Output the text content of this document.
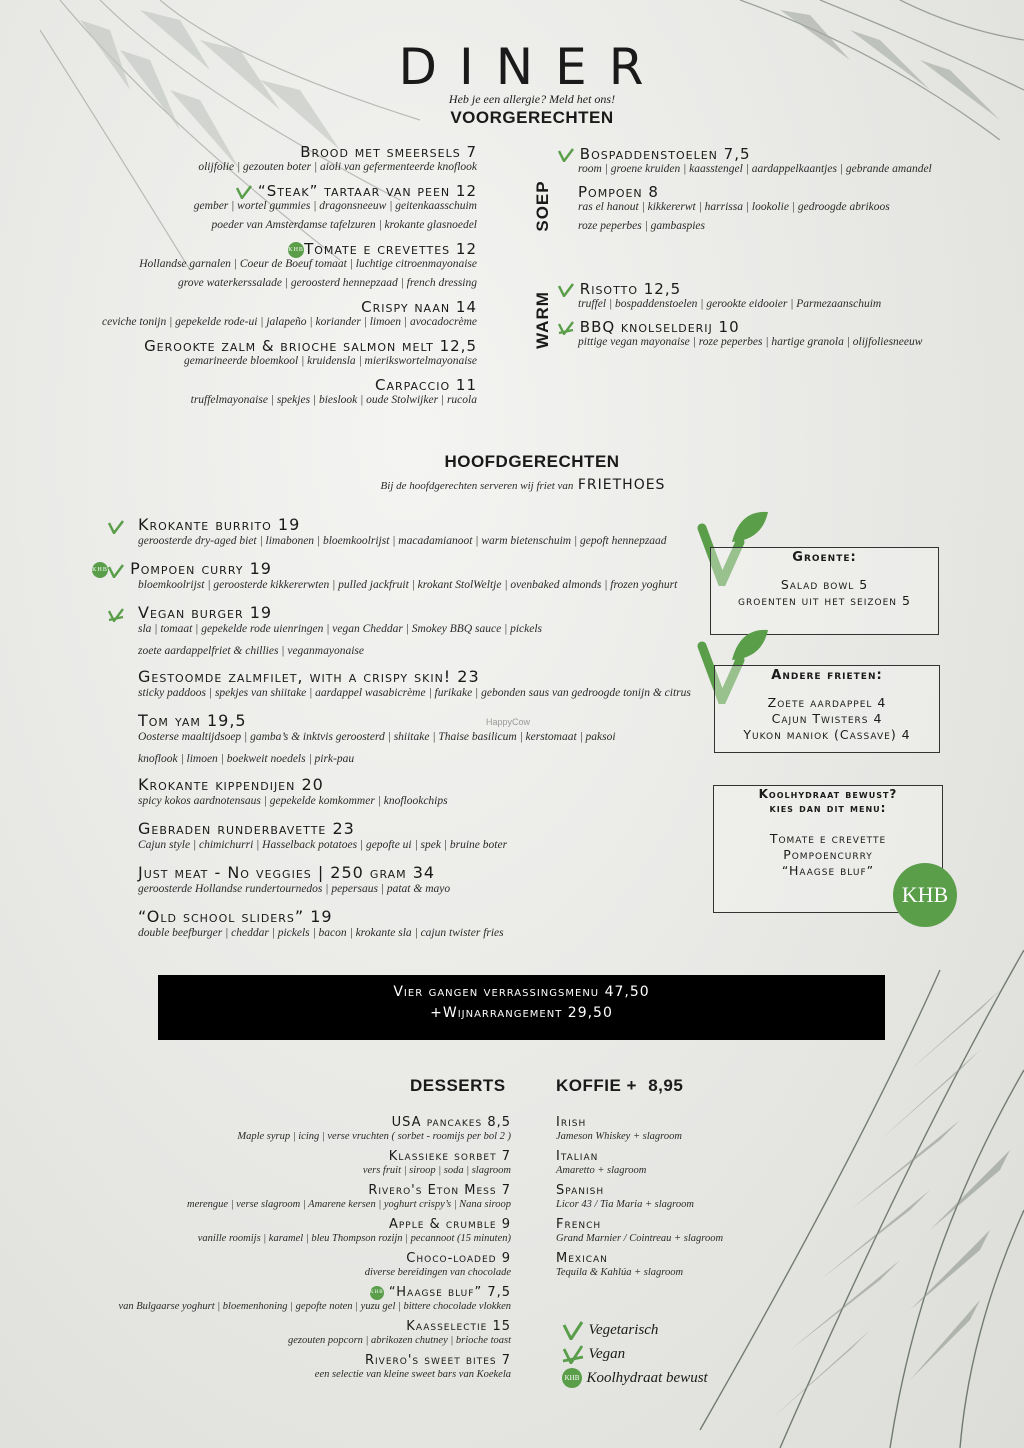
DINER
Heb je een allergie? Meld het ons!
VOORGERECHTEN
Brood met smeersels 7
olijfolie | gezouten boter | aioli van gefermenteerde knoflook
“Steak” tartaar van peen 12
gember | wortel gummies | dragonsneeuw | geitenkaasschuim
poeder van Amsterdamse tafelzuren | krokante glasnoedel
KHBTomate e crevettes 12
Hollandse garnalen | Coeur de Boeuf tomaat | luchtige citroenmayonaise
grove waterkerssalade | geroosterd hennepzaad | french dressing
Crispy naan 14
ceviche tonijn | gepekelde rode-ui | jalapeño | koriander | limoen | avocadocrème
Gerookte zalm & brioche salmon melt 12,5
gemarineerde bloemkool | kruidensla | mierikswortelmayonaise
Carpaccio 11
truffelmayonaise | spekjes | bieslook | oude Stolwijker | rucola
SOEP
Bospaddenstoelen 7,5
room | groene kruiden | kaasstengel | aardappelkaantjes | gebrande amandel
Pompoen 8
ras el hanout | kikkererwt | harrissa | lookolie | gedroogde abrikoos
roze peperbes | gambaspies
WARM
Risotto 12,5
truffel | bospaddenstoelen | gerookte eidooier | Parmezaanschuim
BBQ knolselderij 10
pittige vegan mayonaise | roze peperbes | hartige granola | olijfoliesneeuw
HOOFDGERECHTEN
Bij de hoofdgerechten serveren wij friet van FRIETHOES
Krokante burrito 19
geroosterde dry-aged biet | limabonen | bloemkoolrijst | macadamianoot | warm bietenschuim | gepoft hennepzaad
KHB Pompoen curry 19
bloemkoolrijst | geroosterde kikkererwten | pulled jackfruit | krokant StolWeltje | ovenbaked almonds | frozen yoghurt
Vegan burger 19
sla | tomaat | gepekelde rode uienringen | vegan Cheddar | Smokey BBQ sauce | pickels
zoete aardappelfriet & chillies | veganmayonaise
Gestoomde zalmfilet, with a crispy skin! 23
sticky paddoos | spekjes van shiitake | aardappel wasabicrème | furikake | gebonden saus van gedroogde tonijn & citrus
Tom yam 19,5
Oosterse maaltijdsoep | gamba’s & inktvis geroosterd | shiitake | Thaise basilicum | kerstomaat | paksoi
knoflook | limoen | boekweit noedels | pirk-pau
Krokante kippendijen 20
spicy kokos aardnotensaus | gepekelde komkommer | knoflookchips
Gebraden runderbavette 23
Cajun style | chimichurri | Hasselback potatoes | gepofte ui | spek | bruine boter
Just meat - No veggies | 250 gram 34
geroosterde Hollandse rundertournedos | pepersaus | patat & mayo
“Old school sliders” 19
double beefburger | cheddar | pickels | bacon | krokante sla | cajun twister fries
HappyCow
Groente:
Salad bowl 5
groenten uit het seizoen 5
Andere frieten:
Zoete aardappel 4
Cajun Twisters 4
Yukon maniok (Cassave) 4
Koolhydraat bewust?
kies dan dit menu:
Tomate e crevette
Pompoencurry
“Haagse bluf”
KHB
Vier gangen verrassingsmenu 47,50
+Wijnarrangement 29,50
DESSERTS
USA pancakes 8,5
Maple syrup | icing | verse vruchten ( sorbet - roomijs per bol 2 )
Klassieke sorbet 7
vers fruit | siroop | soda | slagroom
Rivero's Eton Mess 7
merengue | verse slagroom | Amarene kersen | yoghurt crispy’s | Nana siroop
Apple & crumble 9
vanille roomijs | karamel | bleu Thompson rozijn | pecannoot (15 minuten)
Choco-loaded 9
diverse bereidingen van chocolade
KHB “Haagse bluf” 7,5
van Bulgaarse yoghurt | bloemenhoning | gepofte noten | yuzu gel | bittere chocolade vlokken
Kaasselectie 15
gezouten popcorn | abrikozen chutney | brioche toast
Rivero's sweet bites 7
een selectie van kleine sweet bars van Koekela
KOFFIE + 8,95
Irish
Jameson Whiskey + slagroom
Italian
Amaretto + slagroom
Spanish
Licor 43 / Tia Maria + slagroom
French
Grand Marnier / Cointreau + slagroom
Mexican
Tequila & Kahlúa + slagroom
Vegetarisch
Vegan
KHB Koolhydraat bewust
